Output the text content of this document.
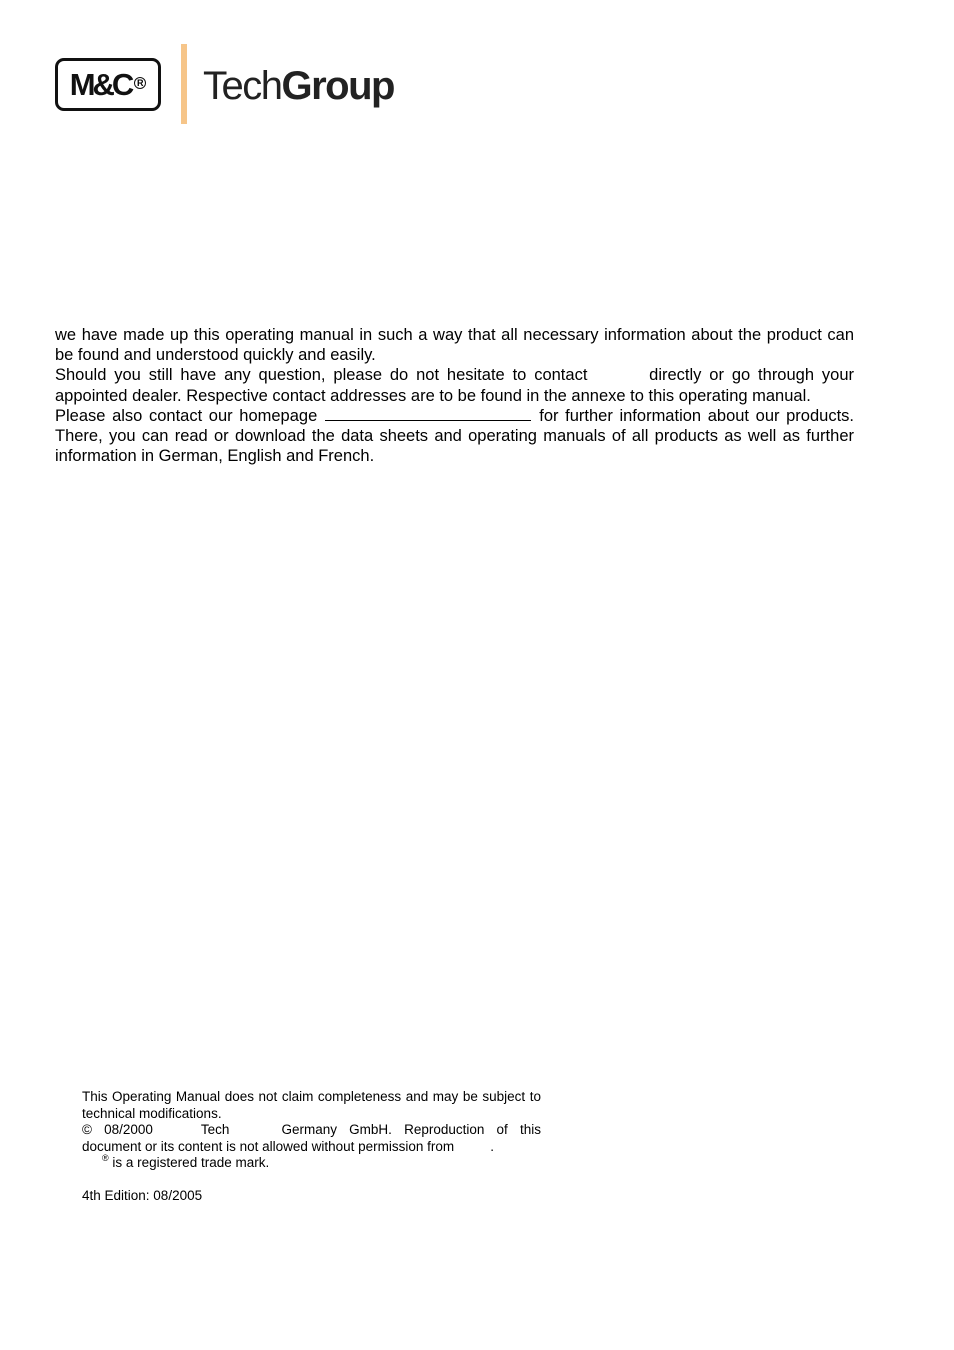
M&C R TechGroup

we have made up this operating manual in such a way that all necessary information about the product can be found and understood quickly and easily.

Should you still have any question, please do not hesitate to contact	directly or go through your appointed dealer. Respective contact addresses are to be found in the annexe to this operating manual.

Please also contact our homepage	for further information about our products. There, you can read or download the data sheets and operating manuals of all products as well as further information in German, English and French.

This Operating Manual does not claim completeness and may be subject to technical modifications.

© 08/2000	Tech	Germany GmbH. Reproduction of this document or its content is not allowed without permission from	.

® is a registered trade mark.

4th Edition: 08/2005
